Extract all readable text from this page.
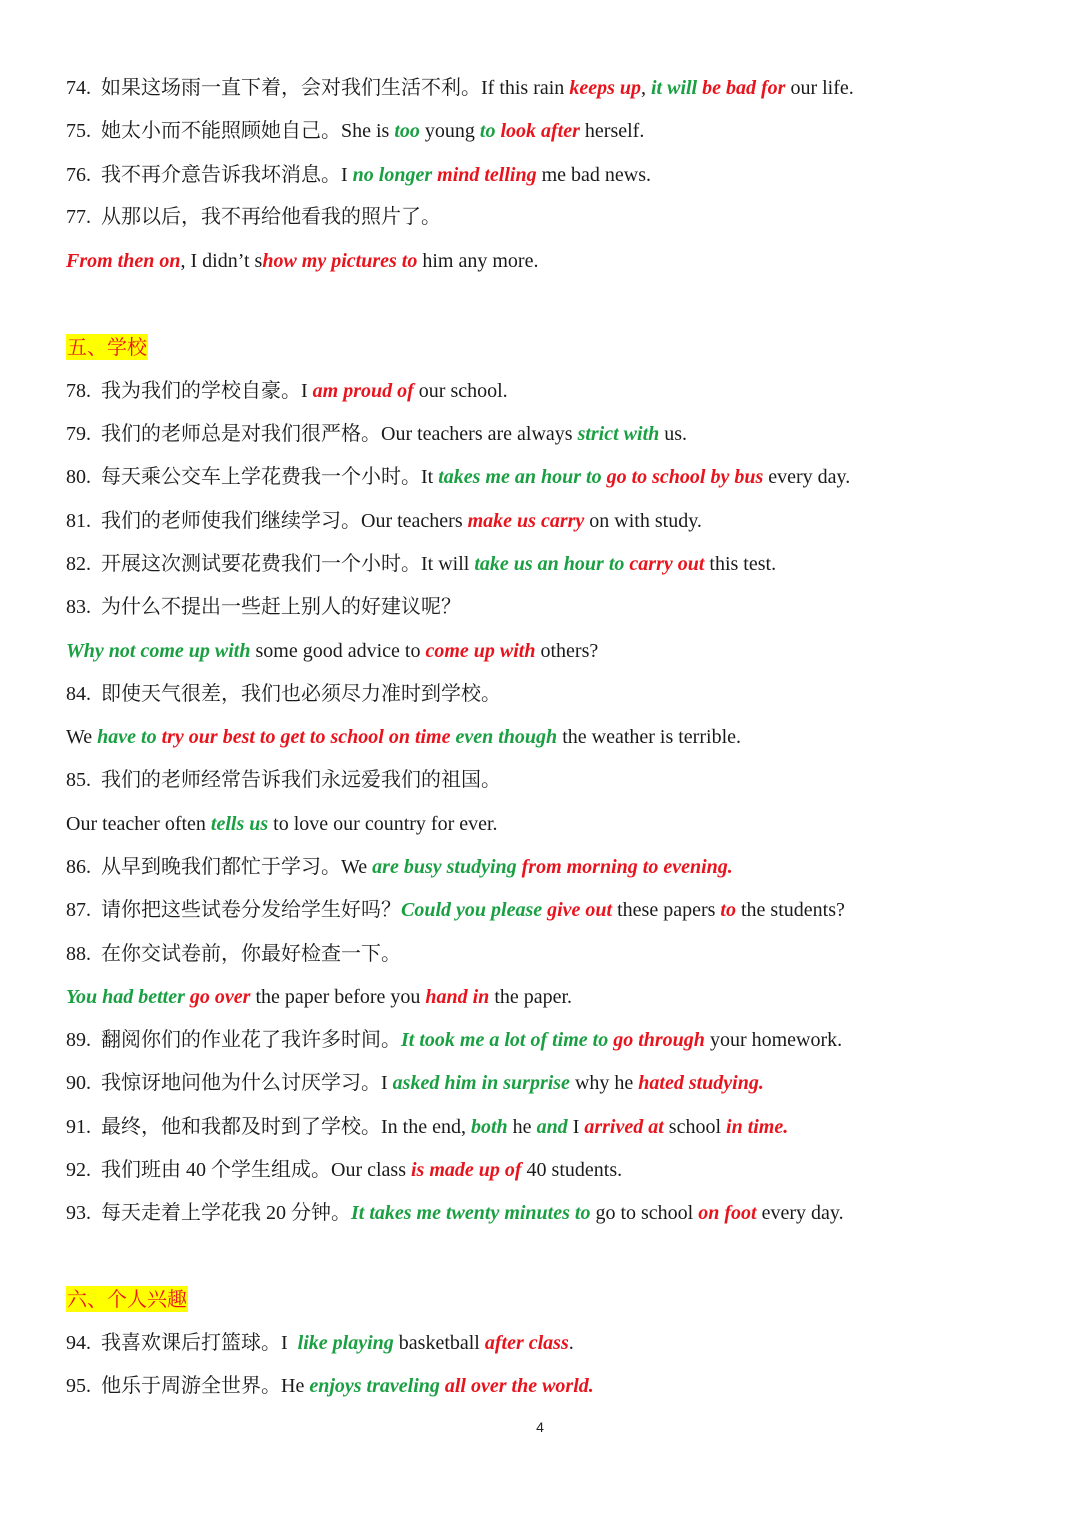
五、学校
六、个人兴趣
4
74.  如果这场雨一直下着，会对我们生活不利。If this rain keeps up, it will be bad for our life.
75.  她太小而不能照顾她自己。She is too young to look after herself.
76.  我不再介意告诉我坏消息。I no longer mind telling me bad news.
77.  从那以后，我不再给他看我的照片了。
From then on, I didn’t show my pictures to him any more.
78.  我为我们的学校自豪。I am proud of our school.
79.  我们的老师总是对我们很严格。Our teachers are always strict with us.
80.  每天乘公交车上学花费我一个小时。It takes me an hour to go to school by bus every day.
81.  我们的老师使我们继续学习。Our teachers make us carry on with study.
82.  开展这次测试要花费我们一个小时。It will take us an hour to carry out this test.
83.  为什么不提出一些赶上别人的好建议呢？
Why not come up with some good advice to come up with others?
84.  即使天气很差，我们也必须尽力准时到学校。
We have to try our best to get to school on time even though the weather is terrible.
85.  我们的老师经常告诉我们永远爱我们的祖国。
Our teacher often tells us to love our country for ever.
86.  从早到晚我们都忙于学习。We are busy studying from morning to evening.
87.  请你把这些试卷分发给学生好吗？Could you please give out these papers to the students?
88.  在你交试卷前，你最好检查一下。
You had better go over the paper before you hand in the paper.
89.  翻阅你们的作业花了我许多时间。It took me a lot of time to go through your homework.
90.  我惊讶地问他为什么讨厌学习。I asked him in surprise why he hated studying.
91.  最终，他和我都及时到了学校。In the end, both he and I arrived at school in time.
92.  我们班由 40 个学生组成。Our class is made up of 40 students.
93.  每天走着上学花我 20 分钟。It takes me twenty minutes to go to school on foot every day.
94.  我喜欢课后打篮球。I  like playing basketball after class.
95.  他乐于周游全世界。He enjoys traveling all over the world.
